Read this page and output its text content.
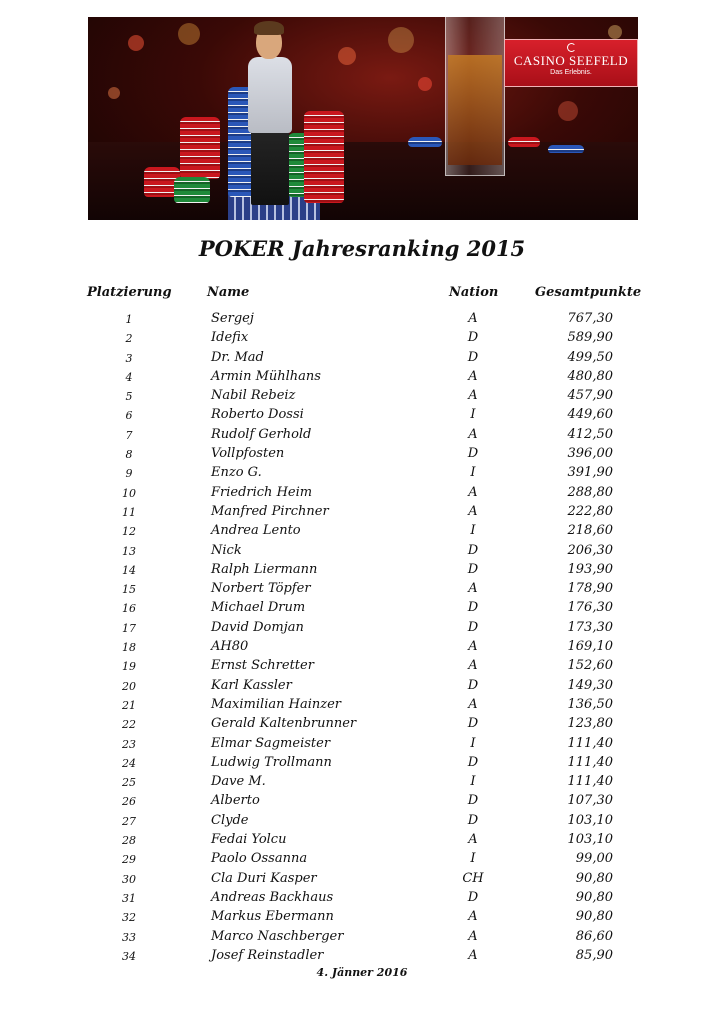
CASINO SEEFELD
Das Erlebnis.
POKER Jahresranking 2015
Platzierung	Name	Nation	Gesamtpunkte
1	Sergej	A	767,30
2	Idefix	D	589,90
3	Dr. Mad	D	499,50
4	Armin Mühlhans	A	480,80
5	Nabil Rebeiz	A	457,90
6	Roberto Dossi	I	449,60
7	Rudolf Gerhold	A	412,50
8	Vollpfosten	D	396,00
9	Enzo G.	I	391,90
10	Friedrich Heim	A	288,80
11	Manfred Pirchner	A	222,80
12	Andrea Lento	I	218,60
13	Nick	D	206,30
14	Ralph Liermann	D	193,90
15	Norbert Töpfer	A	178,90
16	Michael Drum	D	176,30
17	David Domjan	D	173,30
18	AH80	A	169,10
19	Ernst Schretter	A	152,60
20	Karl Kassler	D	149,30
21	Maximilian Hainzer	A	136,50
22	Gerald Kaltenbrunner	D	123,80
23	Elmar Sagmeister	I	111,40
24	Ludwig Trollmann	D	111,40
25	Dave M.	I	111,40
26	Alberto	D	107,30
27	Clyde	D	103,10
28	Fedai Yolcu	A	103,10
29	Paolo Ossanna	I	99,00
30	Cla Duri Kasper	CH	90,80
31	Andreas Backhaus	D	90,80
32	Markus Ebermann	A	90,80
33	Marco Naschberger	A	86,60
34	Josef Reinstadler	A	85,90
4. Jänner 2016
